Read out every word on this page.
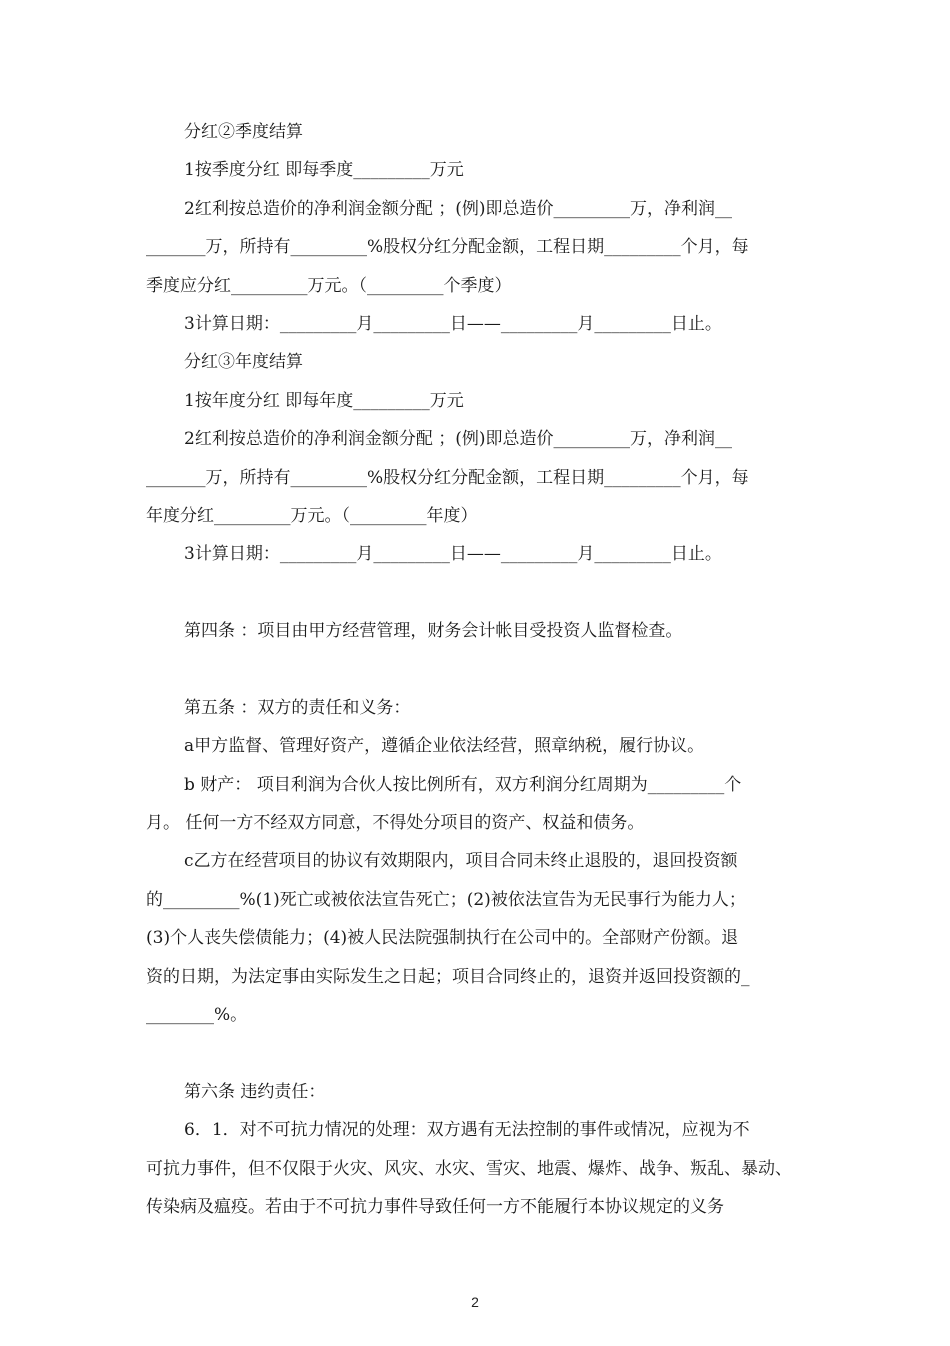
分红②季度结算
1按季度分红 即每季度_________万元
2红利按总造价的净利润金额分配 ；(例)即总造价_________万，净利润__
_______万，所持有_________%股权分红分配金额，工程日期_________个月，每
季度应分红_________万元。（_________个季度）
3计算日期：_________月_________日——_________月_________日止。
分红③年度结算
1按年度分红 即每年度_________万元
2红利按总造价的净利润金额分配 ；(例)即总造价_________万，净利润__
_______万，所持有_________%股权分红分配金额，工程日期_________个月，每
年度分红_________万元。（_________年度）
3计算日期：_________月_________日——_________月_________日止。
第四条 ：项目由甲方经营管理，财务会计帐目受投资人监督检查。
第五条 ：双方的责任和义务：
a甲方监督、管理好资产，遵循企业依法经营，照章纳税，履行协议。
b 财产： 项目利润为合伙人按比例所有，双方利润分红周期为_________个
月。 任何一方不经双方同意，不得处分项目的资产、权益和债务。
c乙方在经营项目的协议有效期限内，项目合同未终止退股的，退回投资额
的_________%(1)死亡或被依法宣告死亡；(2)被依法宣告为无民事行为能力人；
(3)个人丧失偿债能力；(4)被人民法院强制执行在公司中的。全部财产份额。退
资的日期，为法定事由实际发生之日起；项目合同终止的，退资并返回投资额的_
________%。
第六条 违约责任：
6．1．对不可抗力情况的处理：双方遇有无法控制的事件或情况，应视为不
可抗力事件，但不仅限于火灾、风灾、水灾、雪灾、地震、爆炸、战争、叛乱、暴动、
传染病及瘟疫。若由于不可抗力事件导致任何一方不能履行本协议规定的义务
2
